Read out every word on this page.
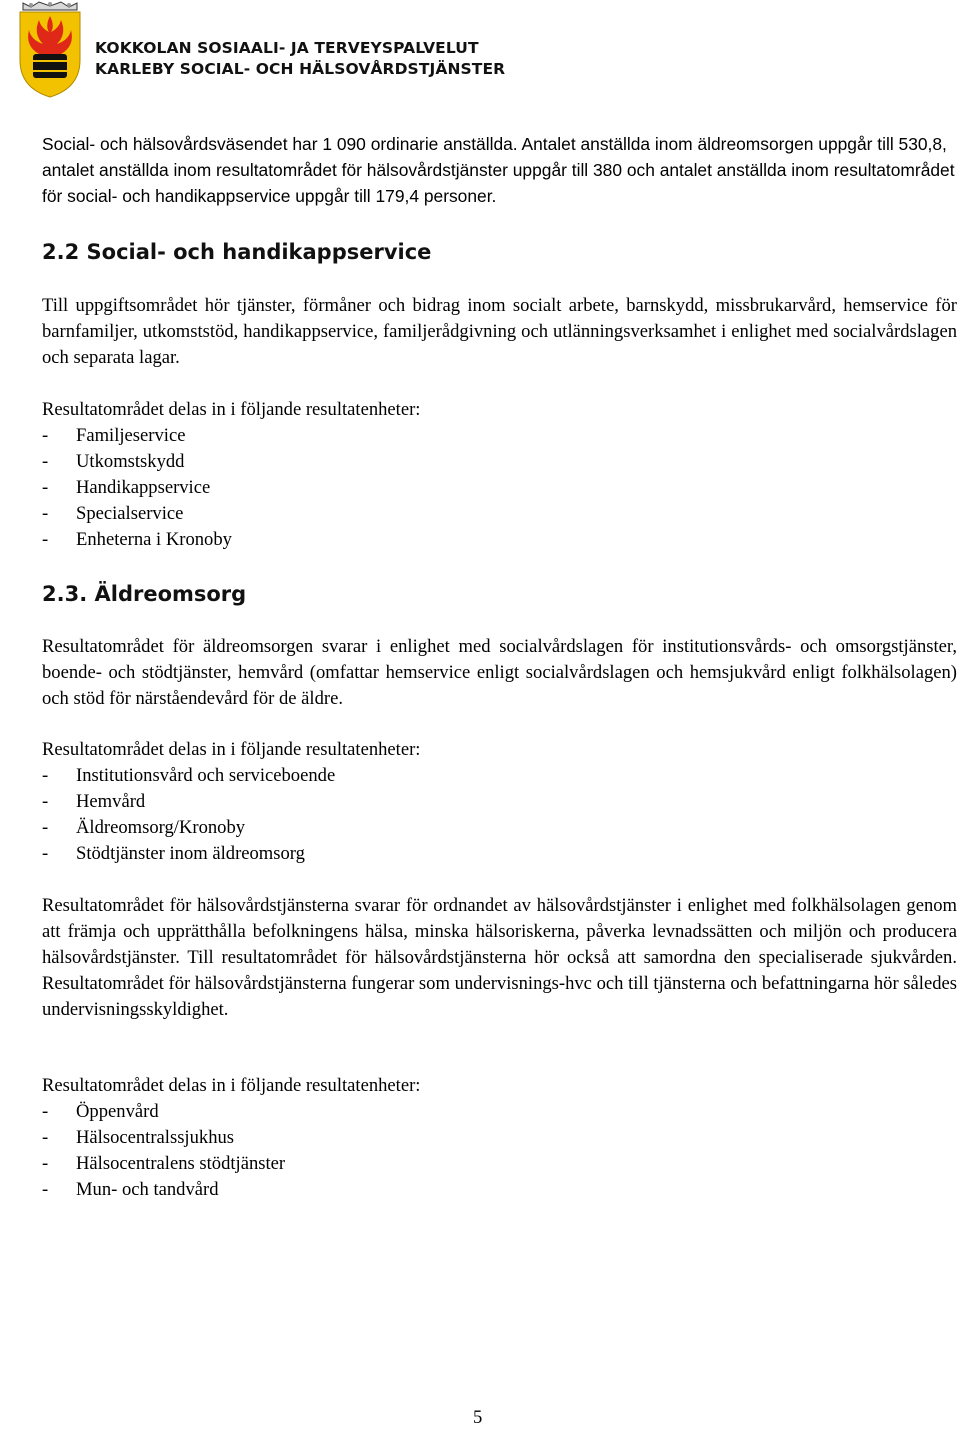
KOKKOLAN SOSIAALI- JA TERVEYSPALVELUT
KARLEBY SOCIAL- OCH HÄLSOVÅRDSTJÄNSTER

Social- och hälsovårdsväsendet har 1 090 ordinarie anställda. Antalet anställda inom äldreomsorgen uppgår till 530,8, antalet anställda inom resultatområdet för hälsovårdstjänster uppgår till 380 och antalet anställda inom resultatområdet för social- och handikappservice uppgår till 179,4 personer.

2.2 Social- och handikappservice

Till uppgiftsområdet hör tjänster, förmåner och bidrag inom socialt arbete, barnskydd, missbrukarvård, hemservice för barnfamiljer, utkomststöd, handikappservice, familjerådgivning och utlänningsverksamhet i enlighet med socialvårdslagen och separata lagar.

Resultatområdet delas in i följande resultatenheter:

-	Familjeservice
-	Utkomstskydd
-	Handikappservice
-	Specialservice
-	Enheterna i Kronoby
2.3. Äldreomsorg

Resultatområdet för äldreomsorgen svarar i enlighet med socialvårdslagen för institutionsvårds- och omsorgstjänster, boende- och stödtjänster, hemvård (omfattar hemservice enligt socialvårdslagen och hemsjukvård enligt folkhälsolagen) och stöd för närståendevård för de äldre.

Resultatområdet delas in i följande resultatenheter:

-	Institutionsvård och serviceboende
-	Hemvård
-	Äldreomsorg/Kronoby
-	Stödtjänster inom äldreomsorg

Resultatområdet för hälsovårdstjänsterna svarar för ordnandet av hälsovårdstjänster i enlighet med folkhälsolagen genom att främja och upprätthålla befolkningens hälsa, minska hälsoriskerna, påverka levnadssätten och miljön och producera hälsovårdstjänster. Till resultatområdet för hälsovårdstjänsterna hör också att samordna den specialiserade sjukvården. Resultatområdet för hälsovårdstjänsterna fungerar som undervisnings-hvc och till tjänsterna och befattningarna hör således undervisningsskyldighet.

Resultatområdet delas in i följande resultatenheter:

-	Öppenvård
-	Hälsocentralssjukhus
-	Hälsocentralens stödtjänster
-	Mun- och tandvård
5
